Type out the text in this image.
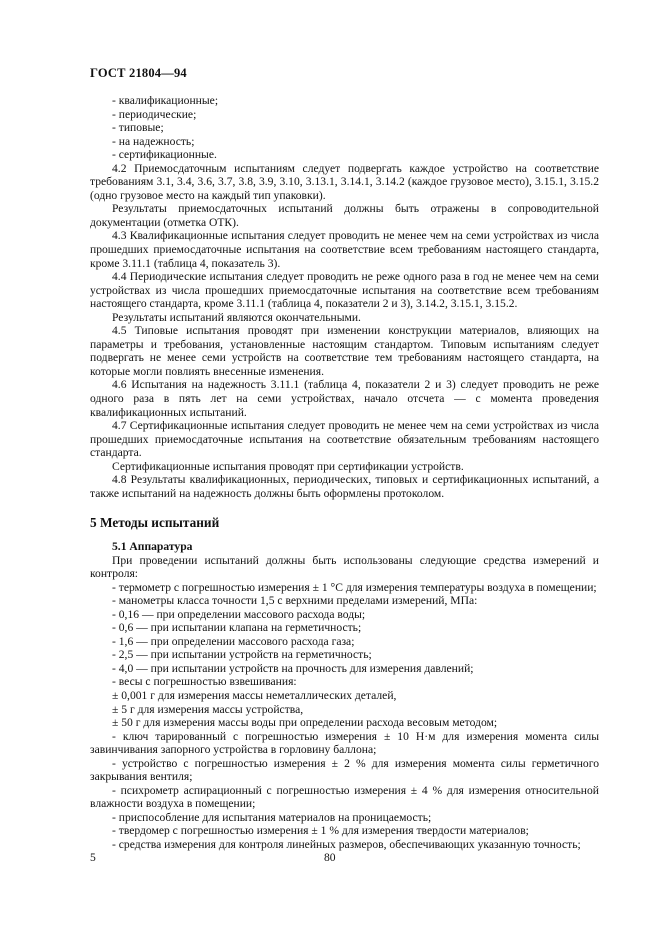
ГОСТ 21804—94

- квалификационные;

- периодические;

- типовые;

- на надежность;

- сертификационные.

4.2 Приемосдаточным испытаниям следует подвергать каждое устройство на соответствие требованиям 3.1, 3.4, 3.6, 3.7, 3.8, 3.9, 3.10, 3.13.1, 3.14.1, 3.14.2 (каждое грузовое место), 3.15.1, 3.15.2 (одно грузовое место на каждый тип упаковки).

Результаты приемосдаточных испытаний должны быть отражены в сопроводительной документации (отметка ОТК).

4.3 Квалификационные испытания следует проводить не менее чем на семи устройствах из числа прошедших приемосдаточные испытания на соответствие всем требованиям настоящего стандарта, кроме 3.11.1 (таблица 4, показатель 3).

4.4 Периодические испытания следует проводить не реже одного раза в год не менее чем на семи устройствах из числа прошедших приемосдаточные испытания на соответствие всем требованиям настоящего стандарта, кроме 3.11.1 (таблица 4, показатели 2 и 3), 3.14.2, 3.15.1, 3.15.2.

Результаты испытаний являются окончательными.

4.5 Типовые испытания проводят при изменении конструкции материалов, влияющих на параметры и требования, установленные настоящим стандартом. Типовым испытаниям следует подвергать не менее семи устройств на соответствие тем требованиям настоящего стандарта, на которые могли повлиять внесенные изменения.

4.6 Испытания на надежность 3.11.1 (таблица 4, показатели 2 и 3) следует проводить не реже одного раза в пять лет на семи устройствах, начало отсчета — с момента проведения квалификационных испытаний.

4.7 Сертификационные испытания следует проводить не менее чем на семи устройствах из числа прошедших приемосдаточные испытания на соответствие обязательным требованиям настоящего стандарта.

Сертификационные испытания проводят при сертификации устройств.

4.8 Результаты квалификационных, периодических, типовых и сертификационных испытаний, а также испытаний на надежность должны быть оформлены протоколом.

5 Методы испытаний

5.1 Аппаратура

При проведении испытаний должны быть использованы следующие средства измерений и контроля:

- термометр с погрешностью измерения ± 1 °С для измерения температуры воздуха в помещении;

- манометры класса точности 1,5 с верхними пределами измерений, МПа:

- 0,16 — при определении массового расхода воды;

- 0,6 — при испытании клапана на герметичность;

- 1,6 — при определении массового расхода газа;

- 2,5 — при испытании устройств на герметичность;

- 4,0 — при испытании устройств на прочность для измерения давлений;

- весы с погрешностью взвешивания:

± 0,001 г для измерения массы неметаллических деталей,

± 5 г для измерения массы устройства,

± 50 г для измерения массы воды при определении расхода весовым методом;

- ключ тарированный с погрешностью измерения ± 10 Н·м для измерения момента силы завинчивания запорного устройства в горловину баллона;

- устройство с погрешностью измерения ± 2 % для измерения момента силы герметичного закрывания вентиля;

- психрометр аспирационный с погрешностью измерения ± 4 % для измерения относительной влажности воздуха в помещении;

- приспособление для испытания материалов на проницаемость;

- твердомер с погрешностью измерения ± 1 % для измерения твердости материалов;

- средства измерения для контроля линейных размеров, обеспечивающих указанную точность;

5	80
